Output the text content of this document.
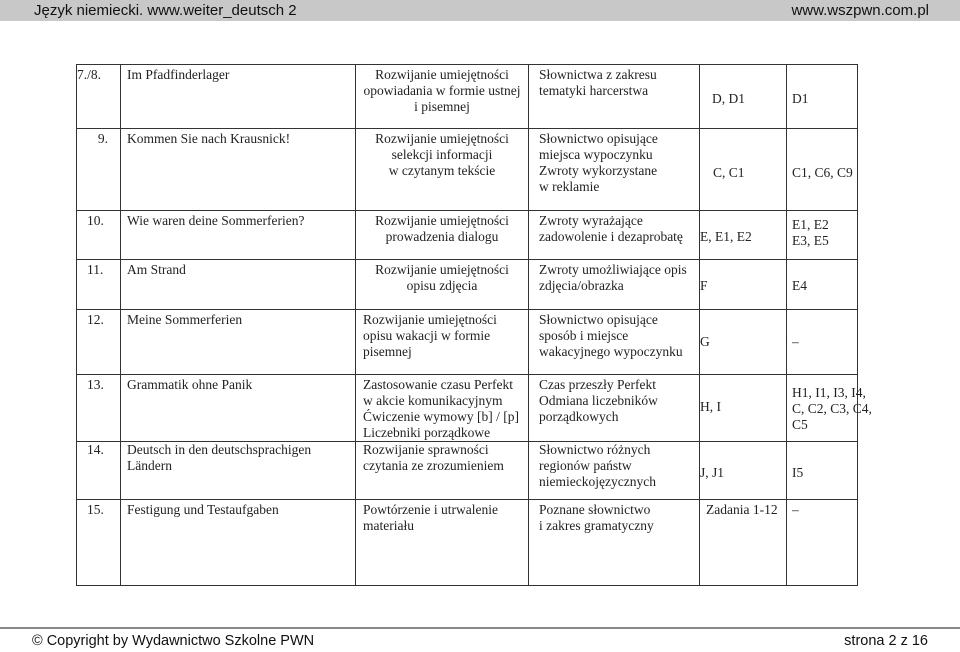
Język niemiecki. www.weiter_deutsch 2	www.wszpwn.com.pl
7./8.	Im Pfadfinderlager	Rozwijanie umiejętności
opowiadania w formie ustnej
i pisemnej	Słownictwa z zakresu
tematyki harcerstwa	D, D1	D1

9.	Kommen Sie nach Krausnick!	Rozwijanie umiejętności
selekcji informacji
w czytanym tekście	Słownictwo opisujące
miejsca wypoczynku
Zwroty wykorzystane
w reklamie	C, C1	C1, C6, C9

10.	Wie waren deine Sommerferien?	Rozwijanie umiejętności
prowadzenia dialogu	Zwroty wyrażające
zadowolenie i dezaprobatę	E, E1, E2	E1, E2
E3, E5

11.	Am Strand	Rozwijanie umiejętności
opisu zdjęcia	Zwroty umożliwiające opis
zdjęcia/obrazka	F	E4

12.	Meine Sommerferien	Rozwijanie umiejętności
opisu wakacji w formie
pisemnej	Słownictwo opisujące
sposób i miejsce
wakacyjnego wypoczynku	G	–

13.	Grammatik ohne Panik	Zastosowanie czasu Perfekt
w akcie komunikacyjnym
Ćwiczenie wymowy [b] / [p]
Liczebniki porządkowe	Czas przeszły Perfekt
Odmiana liczebników
porządkowych	H, I	H1, I1, I3, I4,
C, C2, C3, C4,
C5

14.	Deutsch in den deutschsprachigen
Ländern	Rozwijanie sprawności
czytania ze zrozumieniem	Słownictwo różnych
regionów państw
niemieckojęzycznych	J, J1	I5

15.	Festigung und Testaufgaben	Powtórzenie i utrwalenie
materiału	Poznane słownictwo
i zakres gramatyczny	Zadania 1-12	–
© Copyright by Wydawnictwo Szkolne PWN	strona 2 z 16
